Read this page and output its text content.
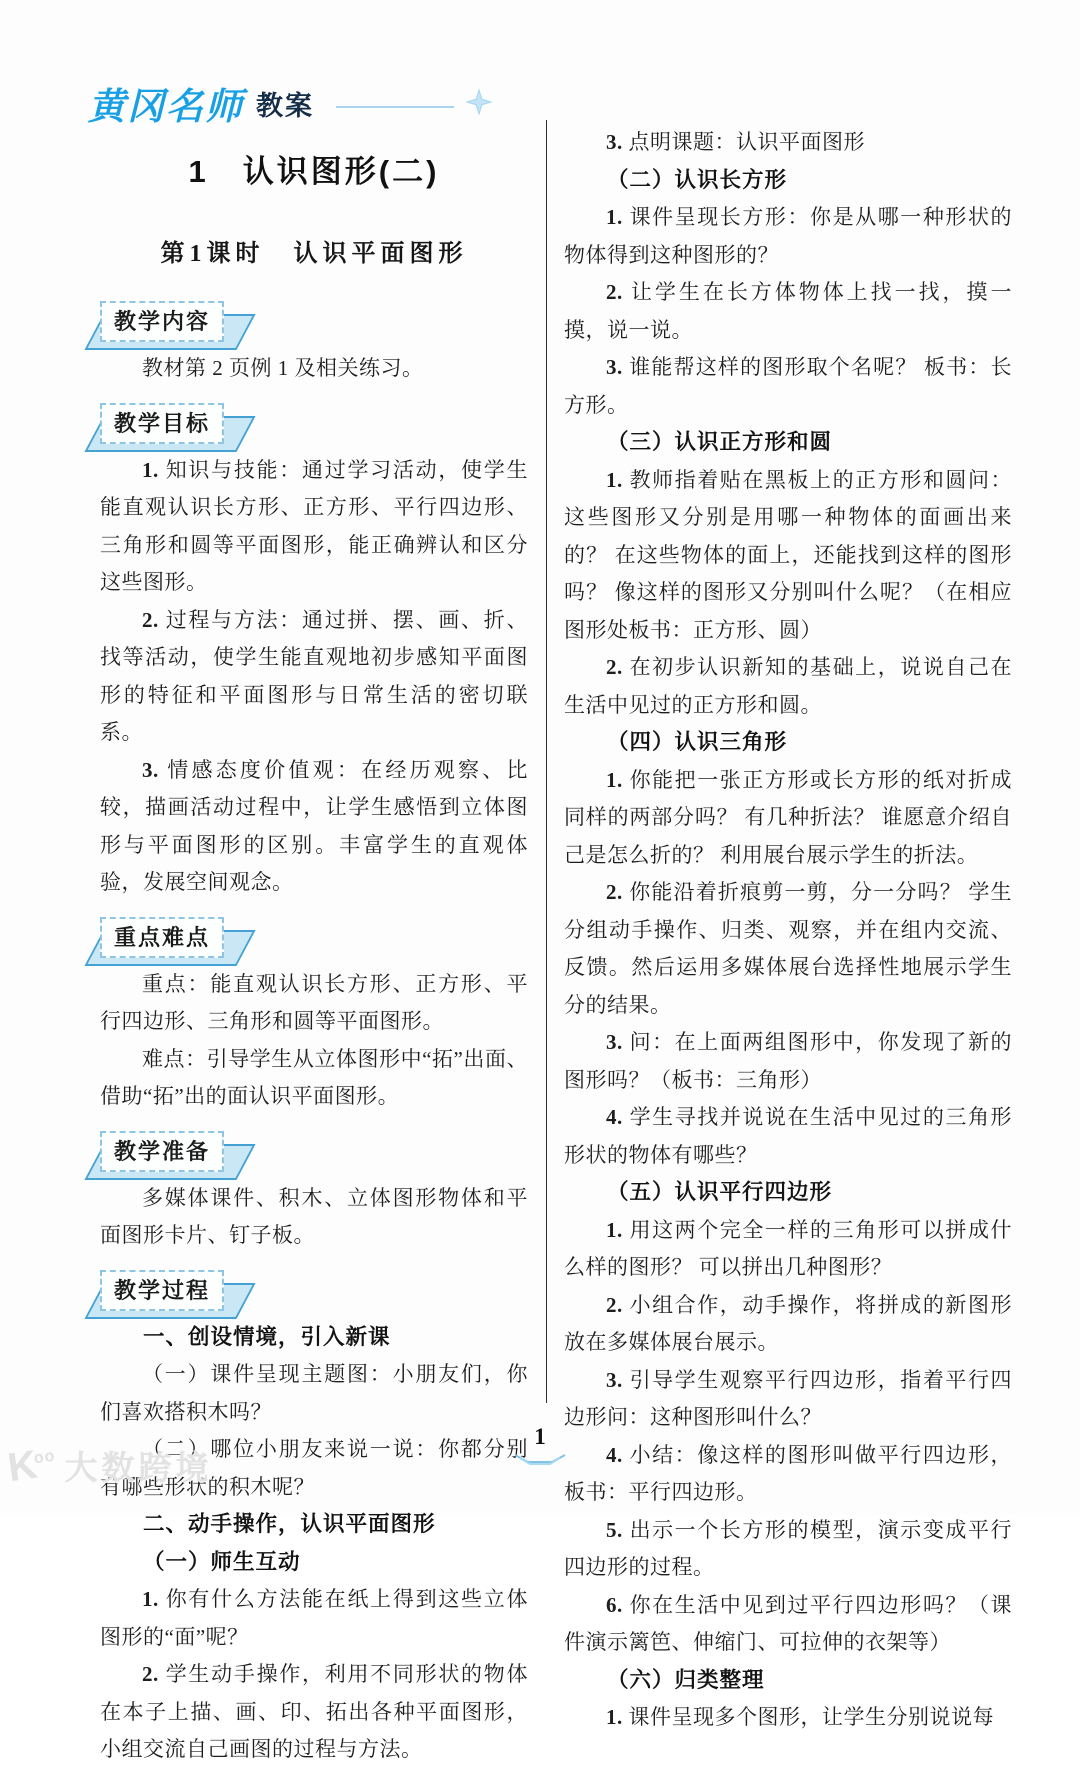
黄冈名师 教案
1　认识图形(二)
第1课时　认识平面图形
教学内容

教材第 2 页例 1 及相关练习。

教学目标

1. 知识与技能：通过学习活动，使学生能直观认识长方形、正方形、平行四边形、三角形和圆等平面图形，能正确辨认和区分这些图形。

2. 过程与方法：通过拼、摆、画、折、找等活动，使学生能直观地初步感知平面图形的特征和平面图形与日常生活的密切联系。

3. 情感态度价值观：在经历观察、比较，描画活动过程中，让学生感悟到立体图形与平面图形的区别。丰富学生的直观体验，发展空间观念。

重点难点

重点：能直观认识长方形、正方形、平行四边形、三角形和圆等平面图形。

难点：引导学生从立体图形中“拓”出面、借助“拓”出的面认识平面图形。

教学准备

多媒体课件、积木、立体图形物体和平面图形卡片、钉子板。

教学过程

一、创设情境，引入新课

（一）课件呈现主题图：小朋友们，你们喜欢搭积木吗？

（二）哪位小朋友来说一说：你都分别有哪些形状的积木呢？

二、动手操作，认识平面图形

（一）师生互动

1. 你有什么方法能在纸上得到这些立体图形的“面”呢？

2. 学生动手操作，利用不同形状的物体在本子上描、画、印、拓出各种平面图形，小组交流自己画图的过程与方法。

3. 点明课题：认识平面图形

（二）认识长方形

1. 课件呈现长方形：你是从哪一种形状的物体得到这种图形的？

2. 让学生在长方体物体上找一找，摸一摸，说一说。

3. 谁能帮这样的图形取个名呢？ 板书：长方形。

（三）认识正方形和圆

1. 教师指着贴在黑板上的正方形和圆问：这些图形又分别是用哪一种物体的面画出来的？ 在这些物体的面上，还能找到这样的图形吗？ 像这样的图形又分别叫什么呢？（在相应图形处板书：正方形、圆）

2. 在初步认识新知的基础上，说说自己在生活中见过的正方形和圆。

（四）认识三角形

1. 你能把一张正方形或长方形的纸对折成同样的两部分吗？ 有几种折法？ 谁愿意介绍自己是怎么折的？ 利用展台展示学生的折法。

2. 你能沿着折痕剪一剪，分一分吗？ 学生分组动手操作、归类、观察，并在组内交流、反馈。然后运用多媒体展台选择性地展示学生分的结果。

3. 问：在上面两组图形中，你发现了新的图形吗？（板书：三角形）

4. 学生寻找并说说在生活中见过的三角形形状的物体有哪些？

（五）认识平行四边形

1. 用这两个完全一样的三角形可以拼成什么样的图形？ 可以拼出几种图形？

2. 小组合作，动手操作，将拼成的新图形放在多媒体展台展示。

3. 引导学生观察平行四边形，指着平行四边形问：这种图形叫什么？

4. 小结：像这样的图形叫做平行四边形，板书：平行四边形。

5. 出示一个长方形的模型，演示变成平行四边形的过程。

6. 你在生活中见到过平行四边形吗？（课件演示篱笆、伸缩门、可拉伸的衣架等）

（六）归类整理

1. 课件呈现多个图形，让学生分别说说每

1
$K^{oo}$ 大数跨境
